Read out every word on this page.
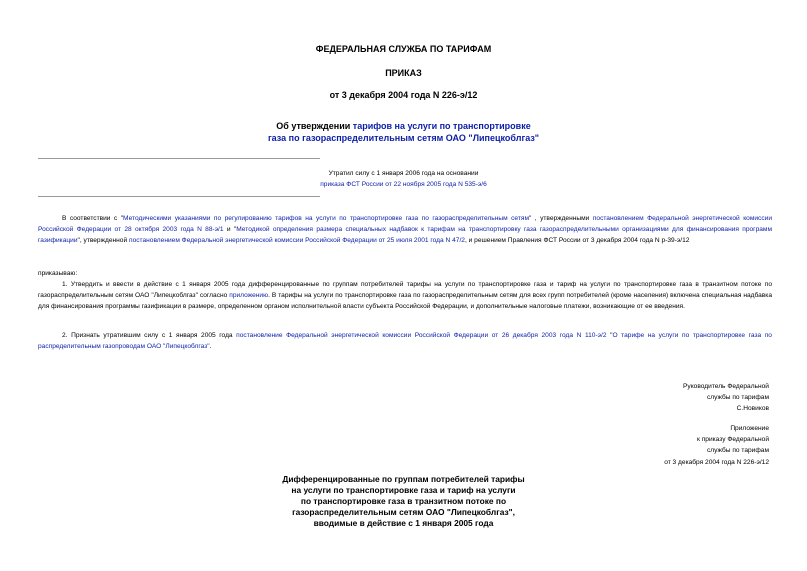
ФЕДЕРАЛЬНАЯ СЛУЖБА ПО ТАРИФАМ
ПРИКАЗ
от 3 декабря 2004 года N 226-э/12
Об утверждении тарифов на услуги по транспортировке
газа по газораспределительным сетям ОАО "Липецкоблгаз"
Утратил силу с 1 января 2006 года на основании
приказа ФСТ России от 22 ноября 2005 года N 535-э/6
В соответствии с "Методическими указаниями по регулированию тарифов на услуги по транспортировке газа по газораспределительным сетям" , утвержденными постановлением Федеральной энергетической комиссии Российской Федерации от 28 октября 2003 года N 88-э/1 и "Методикой определения размера специальных надбавок к тарифам на транспортировку газа газораспределительными организациями для финансирования программ газификации", утвержденной постановлением Федеральной энергетической комиссии Российской Федерации от 25 июля 2001 года N 47/2, и решением Правления ФСТ России от 3 декабря 2004 года N р-39-э/12
приказываю:
1. Утвердить и ввести в действие с 1 января 2005 года дифференцированные по группам потребителей тарифы на услуги по транспортировке газа и тариф на услуги по транспортировке газа в транзитном потоке по газораспределительным сетям ОАО "Липецкоблгаз" согласно приложению. В тарифы на услуги по транспортировке газа по газораспределительным сетям для всех групп потребителей (кроме населения) включена специальная надбавка для финансирования программы газификации в размере, определенном органом исполнительной власти субъекта Российской Федерации, и дополнительные налоговые платежи, возникающие от ее введения.
2. Признать утратившим силу с 1 января 2005 года постановление Федеральной энергетической комиссии Российской Федерации от 26 декабря 2003 года N 110-э/2 "О тарифе на услуги по транспортировке газа по распределительным газопроводам ОАО "Липецкоблгаз".
Руководитель Федеральной
службы по тарифам
С.Новиков
Приложение
к приказу Федеральной
службы по тарифам
от 3 декабря 2004 года N 226-э/12
Дифференцированные по группам потребителей тарифы
на услуги по транспортировке газа и тариф на услуги
по транспортировке газа в транзитном потоке по
газораспределительным сетям ОАО "Липецкоблгаз",
вводимые в действие с 1 января 2005 года
